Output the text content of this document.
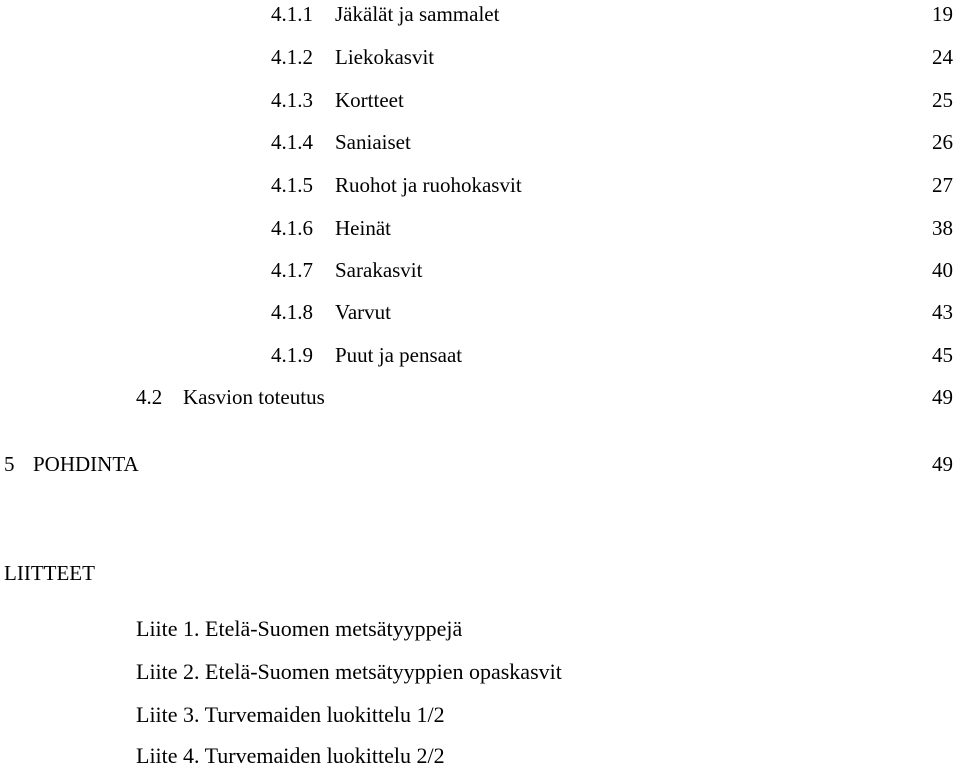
4.1.1 Jäkälät ja sammalet	19
4.1.2 Liekokasvit	24
4.1.3 Kortteet	25
4.1.4 Saniaiset	26
4.1.5 Ruohot ja ruohokasvit	27
4.1.6 Heinät	38
4.1.7 Sarakasvit	40
4.1.8 Varvut	43
4.1.9 Puut ja pensaat	45
4.2 Kasvion toteutus	49
5 POHDINTA	49
LIITTEET
Liite 1. Etelä-Suomen metsätyyppejä
Liite 2. Etelä-Suomen metsätyyppien opaskasvit
Liite 3. Turvemaiden luokittelu 1/2
Liite 4. Turvemaiden luokittelu 2/2
